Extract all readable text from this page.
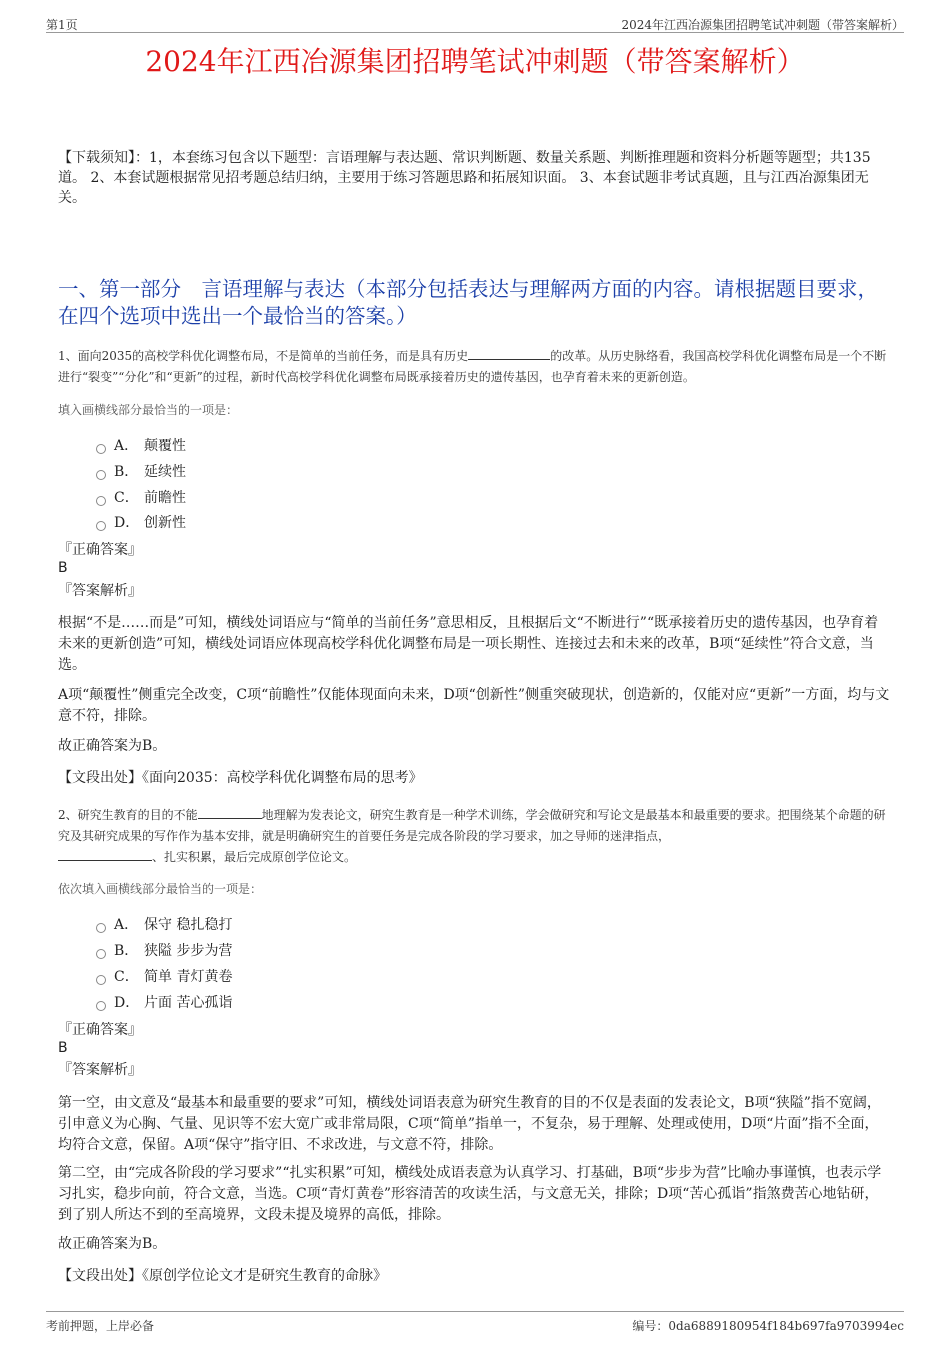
第1页	2024年江西冶源集团招聘笔试冲刺题（带答案解析）
2024年江西冶源集团招聘笔试冲刺题（带答案解析）
【下载须知】：1，本套练习包含以下题型：言语理解与表达题、常识判断题、数量关系题、判断推理题和资料分析题等题型；共135道。 2、本套试题根据常见招考题总结归纳，主要用于练习答题思路和拓展知识面。 3、本套试题非考试真题，且与江西冶源集团无关。
一、第一部分　言语理解与表达（本部分包括表达与理解两方面的内容。请根据题目要求，在四个选项中选出一个最恰当的答案。）
1、面向2035的高校学科优化调整布局，不是简单的当前任务，而是具有历史	的改革。从历史脉络看，我国高校学科优化调整布局是一个不断进行“裂变”“分化”和“更新”的过程，新时代高校学科优化调整布局既承接着历史的遗传基因，也孕育着未来的更新创造。
填入画横线部分最恰当的一项是：
A． 颠覆性
B． 延续性
C． 前瞻性
D． 创新性
『正确答案』
B
『答案解析』
根据“不是……而是”可知，横线处词语应与“简单的当前任务”意思相反，且根据后文“不断进行”“既承接着历史的遗传基因，也孕育着未来的更新创造”可知，横线处词语应体现高校学科优化调整布局是一项长期性、连接过去和未来的改革，B项“延续性”符合文意，当选。
A项“颠覆性”侧重完全改变，C项“前瞻性”仅能体现面向未来，D项“创新性”侧重突破现状，创造新的，仅能对应“更新”一方面，均与文意不符，排除。
故正确答案为B。
【文段出处】《面向2035：高校学科优化调整布局的思考》
2、研究生教育的目的不能	地理解为发表论文，研究生教育是一种学术训练，学会做研究和写论文是最基本和最重要的要求。把围绕某个命题的研究及其研究成果的写作作为基本安排，就是明确研究生的首要任务是完成各阶段的学习要求，加之导师的迷津指点，
、扎实积累，最后完成原创学位论文。
依次填入画横线部分最恰当的一项是：
A． 保守 稳扎稳打
B． 狭隘 步步为营
C． 简单 青灯黄卷
D． 片面 苦心孤诣
『正确答案』
B
『答案解析』
第一空，由文意及“最基本和最重要的要求”可知，横线处词语表意为研究生教育的目的不仅是表面的发表论文，B项“狭隘”指不宽阔，引申意义为心胸、气量、见识等不宏大宽广或非常局限，C项“简单”指单一，不复杂，易于理解、处理或使用，D项“片面”指不全面，均符合文意，保留。A项“保守”指守旧、不求改进，与文意不符，排除。
第二空，由“完成各阶段的学习要求”“扎实积累”可知，横线处成语表意为认真学习、打基础，B项“步步为营”比喻办事谨慎，也表示学习扎实，稳步向前，符合文意，当选。C项“青灯黄卷”形容清苦的攻读生活，与文意无关，排除；D项“苦心孤诣”指煞费苦心地钻研，到了别人所达不到的至高境界，文段未提及境界的高低，排除。
故正确答案为B。
【文段出处】《原创学位论文才是研究生教育的命脉》
考前押题，上岸必备	编号：0da6889180954f184b697fa9703994ec
